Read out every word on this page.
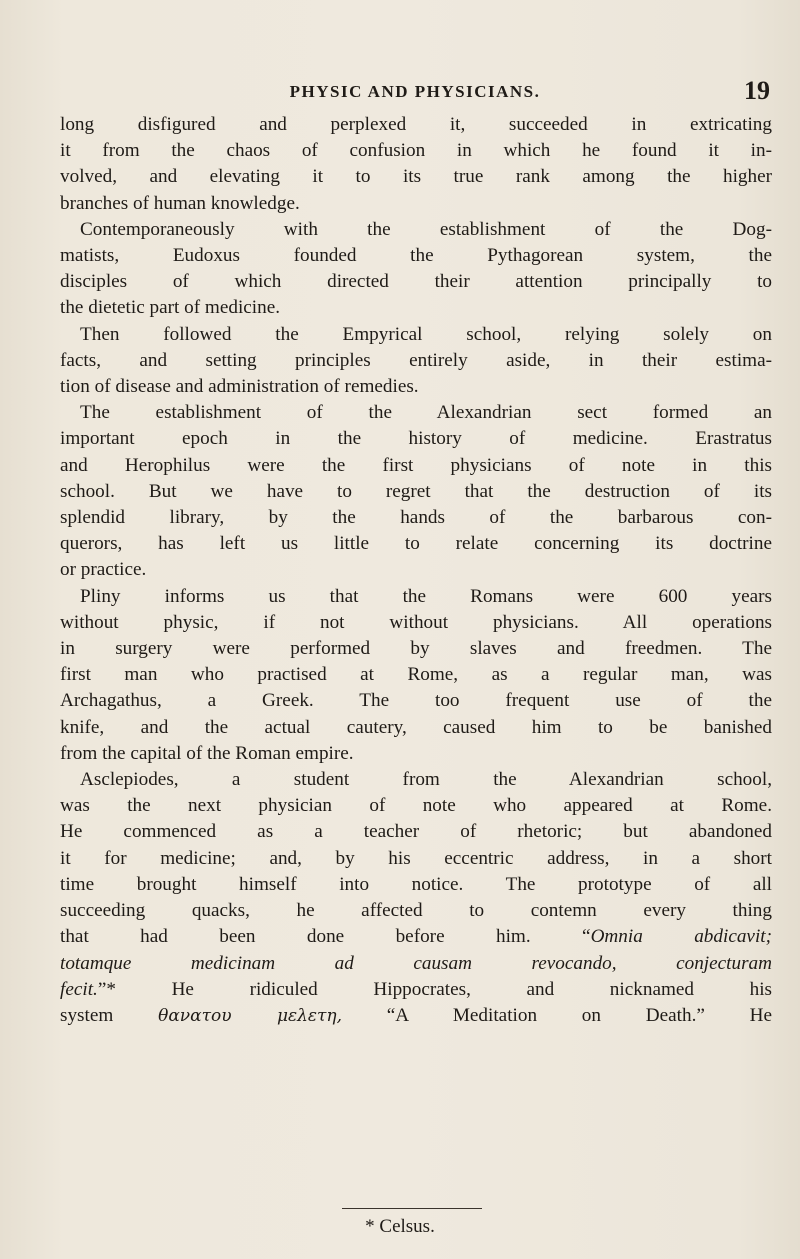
PHYSIC AND PHYSICIANS.	19
long disfigured and perplexed it, succeeded in extricating
it from the chaos of confusion in which he found it in-
volved, and elevating it to its true rank among the higher
branches of human knowledge.
Contemporaneously with the establishment of the Dog-
matists, Eudoxus founded the Pythagorean system, the
disciples of which directed their attention principally to
the dietetic part of medicine.
Then followed the Empyrical school, relying solely on
facts, and setting principles entirely aside, in their estima-
tion of disease and administration of remedies.
The establishment of the Alexandrian sect formed an
important epoch in the history of medicine. Erastratus
and Herophilus were the first physicians of note in this
school. But we have to regret that the destruction of its
splendid library, by the hands of the barbarous con-
querors, has left us little to relate concerning its doctrine
or practice.
Pliny informs us that the Romans were 600 years
without physic, if not without physicians. All operations
in surgery were performed by slaves and freedmen. The
first man who practised at Rome, as a regular man, was
Archagathus, a Greek. The too frequent use of the
knife, and the actual cautery, caused him to be banished
from the capital of the Roman empire.
Asclepiodes, a student from the Alexandrian school,
was the next physician of note who appeared at Rome.
He commenced as a teacher of rhetoric; but abandoned
it for medicine; and, by his eccentric address, in a short
time brought himself into notice. The prototype of all
succeeding quacks, he affected to contemn every thing
that had been done before him.	“Omnia abdicavit;
totamque medicinam ad causam revocando, conjecturam
fecit.”*	He ridiculed Hippocrates, and nicknamed his
system	θανατου μελετη, “A Meditation on Death.” He
* Celsus.
